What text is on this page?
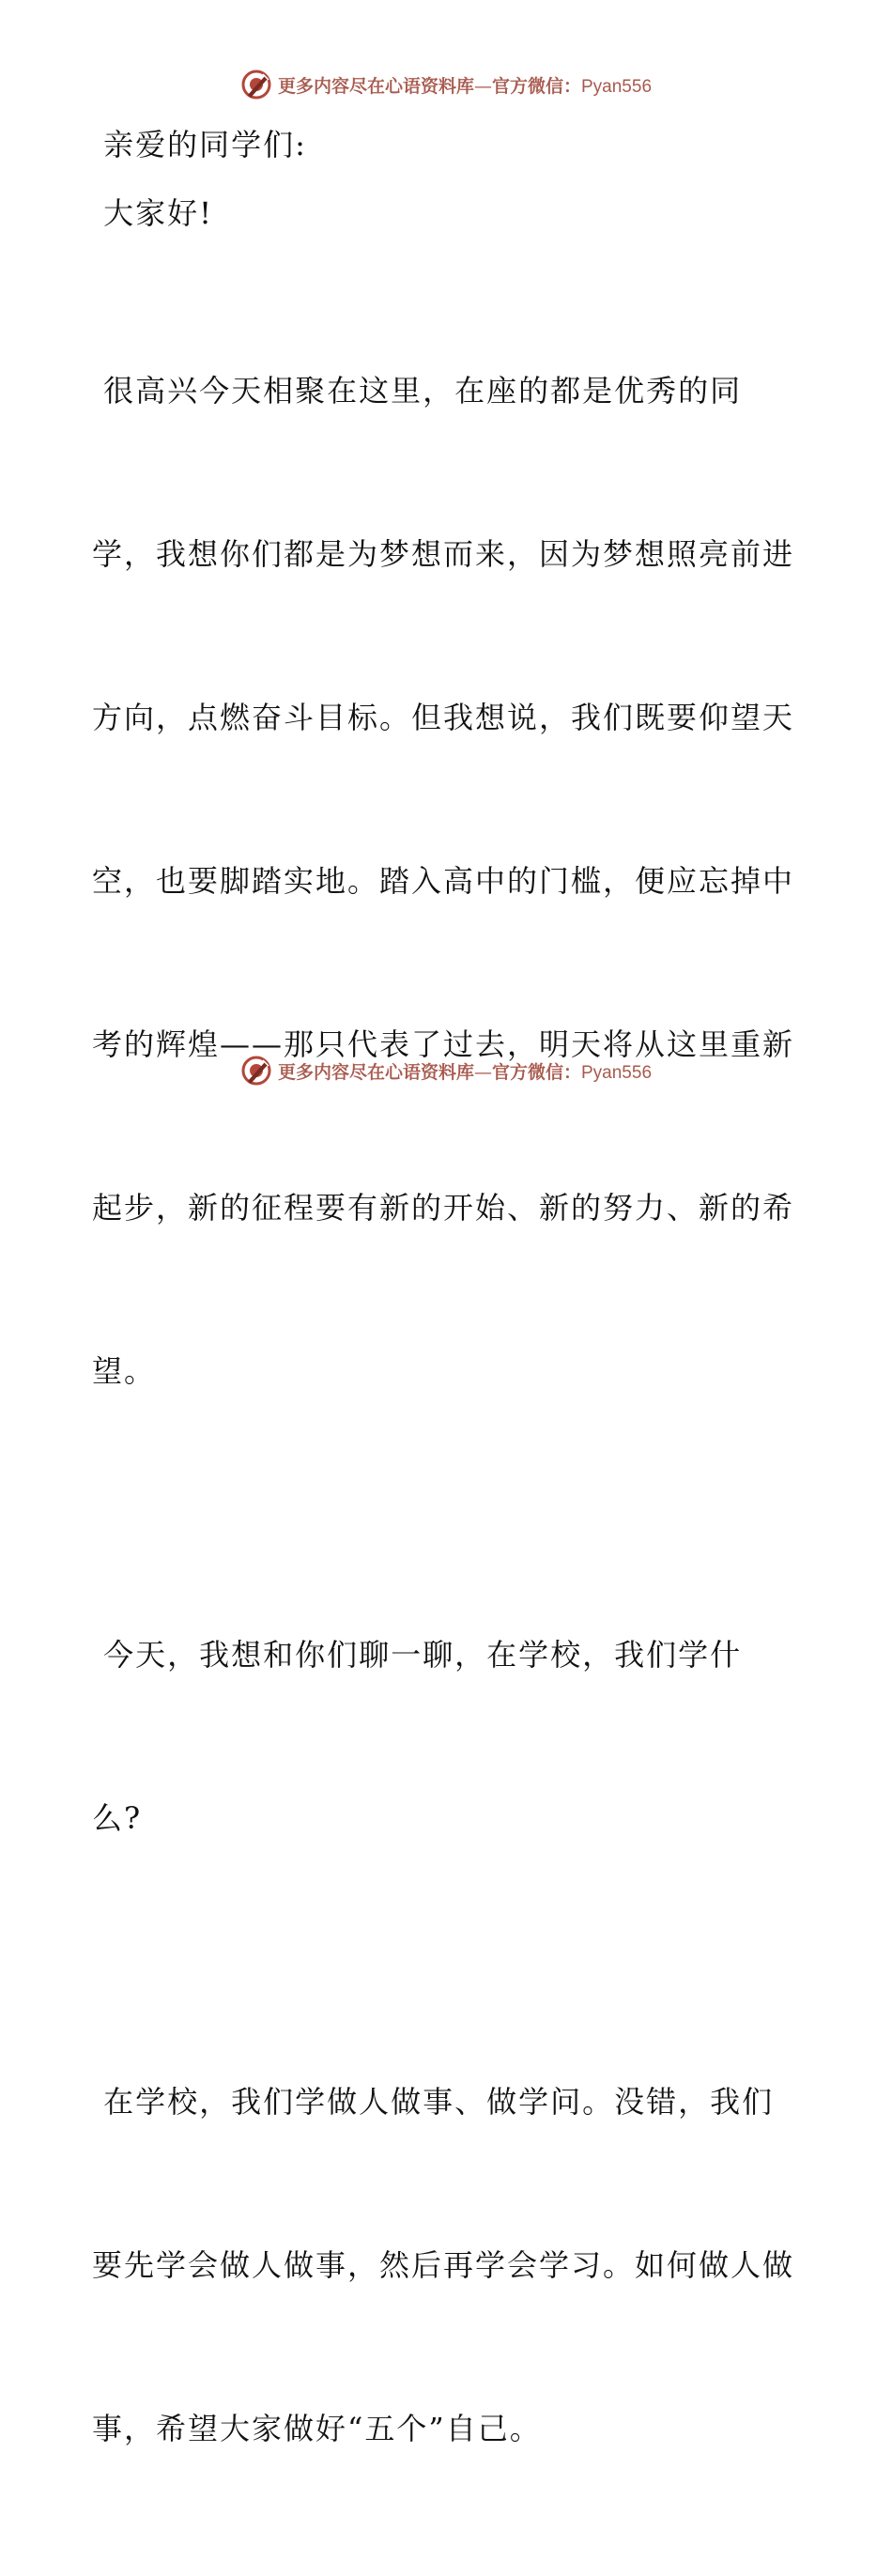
更多内容尽在心语资料库—官方微信：Pyan556

亲爱的同学们:

大家好!

很高兴今天相聚在这里，在座的都是优秀的同

学，我想你们都是为梦想而来，因为梦想照亮前进

方向，点燃奋斗目标。但我想说，我们既要仰望天

空，也要脚踏实地。踏入高中的门槛，便应忘掉中

考的辉煌——那只代表了过去，明天将从这里重新

起步，新的征程要有新的开始、新的努力、新的希

望。

今天，我想和你们聊一聊，在学校，我们学什

么?

在学校，我们学做人做事、做学问。没错，我们

要先学会做人做事，然后再学会学习。如何做人做

事，希望大家做好“五个”自己。

更多内容尽在心语资料库—官方微信：Pyan556
